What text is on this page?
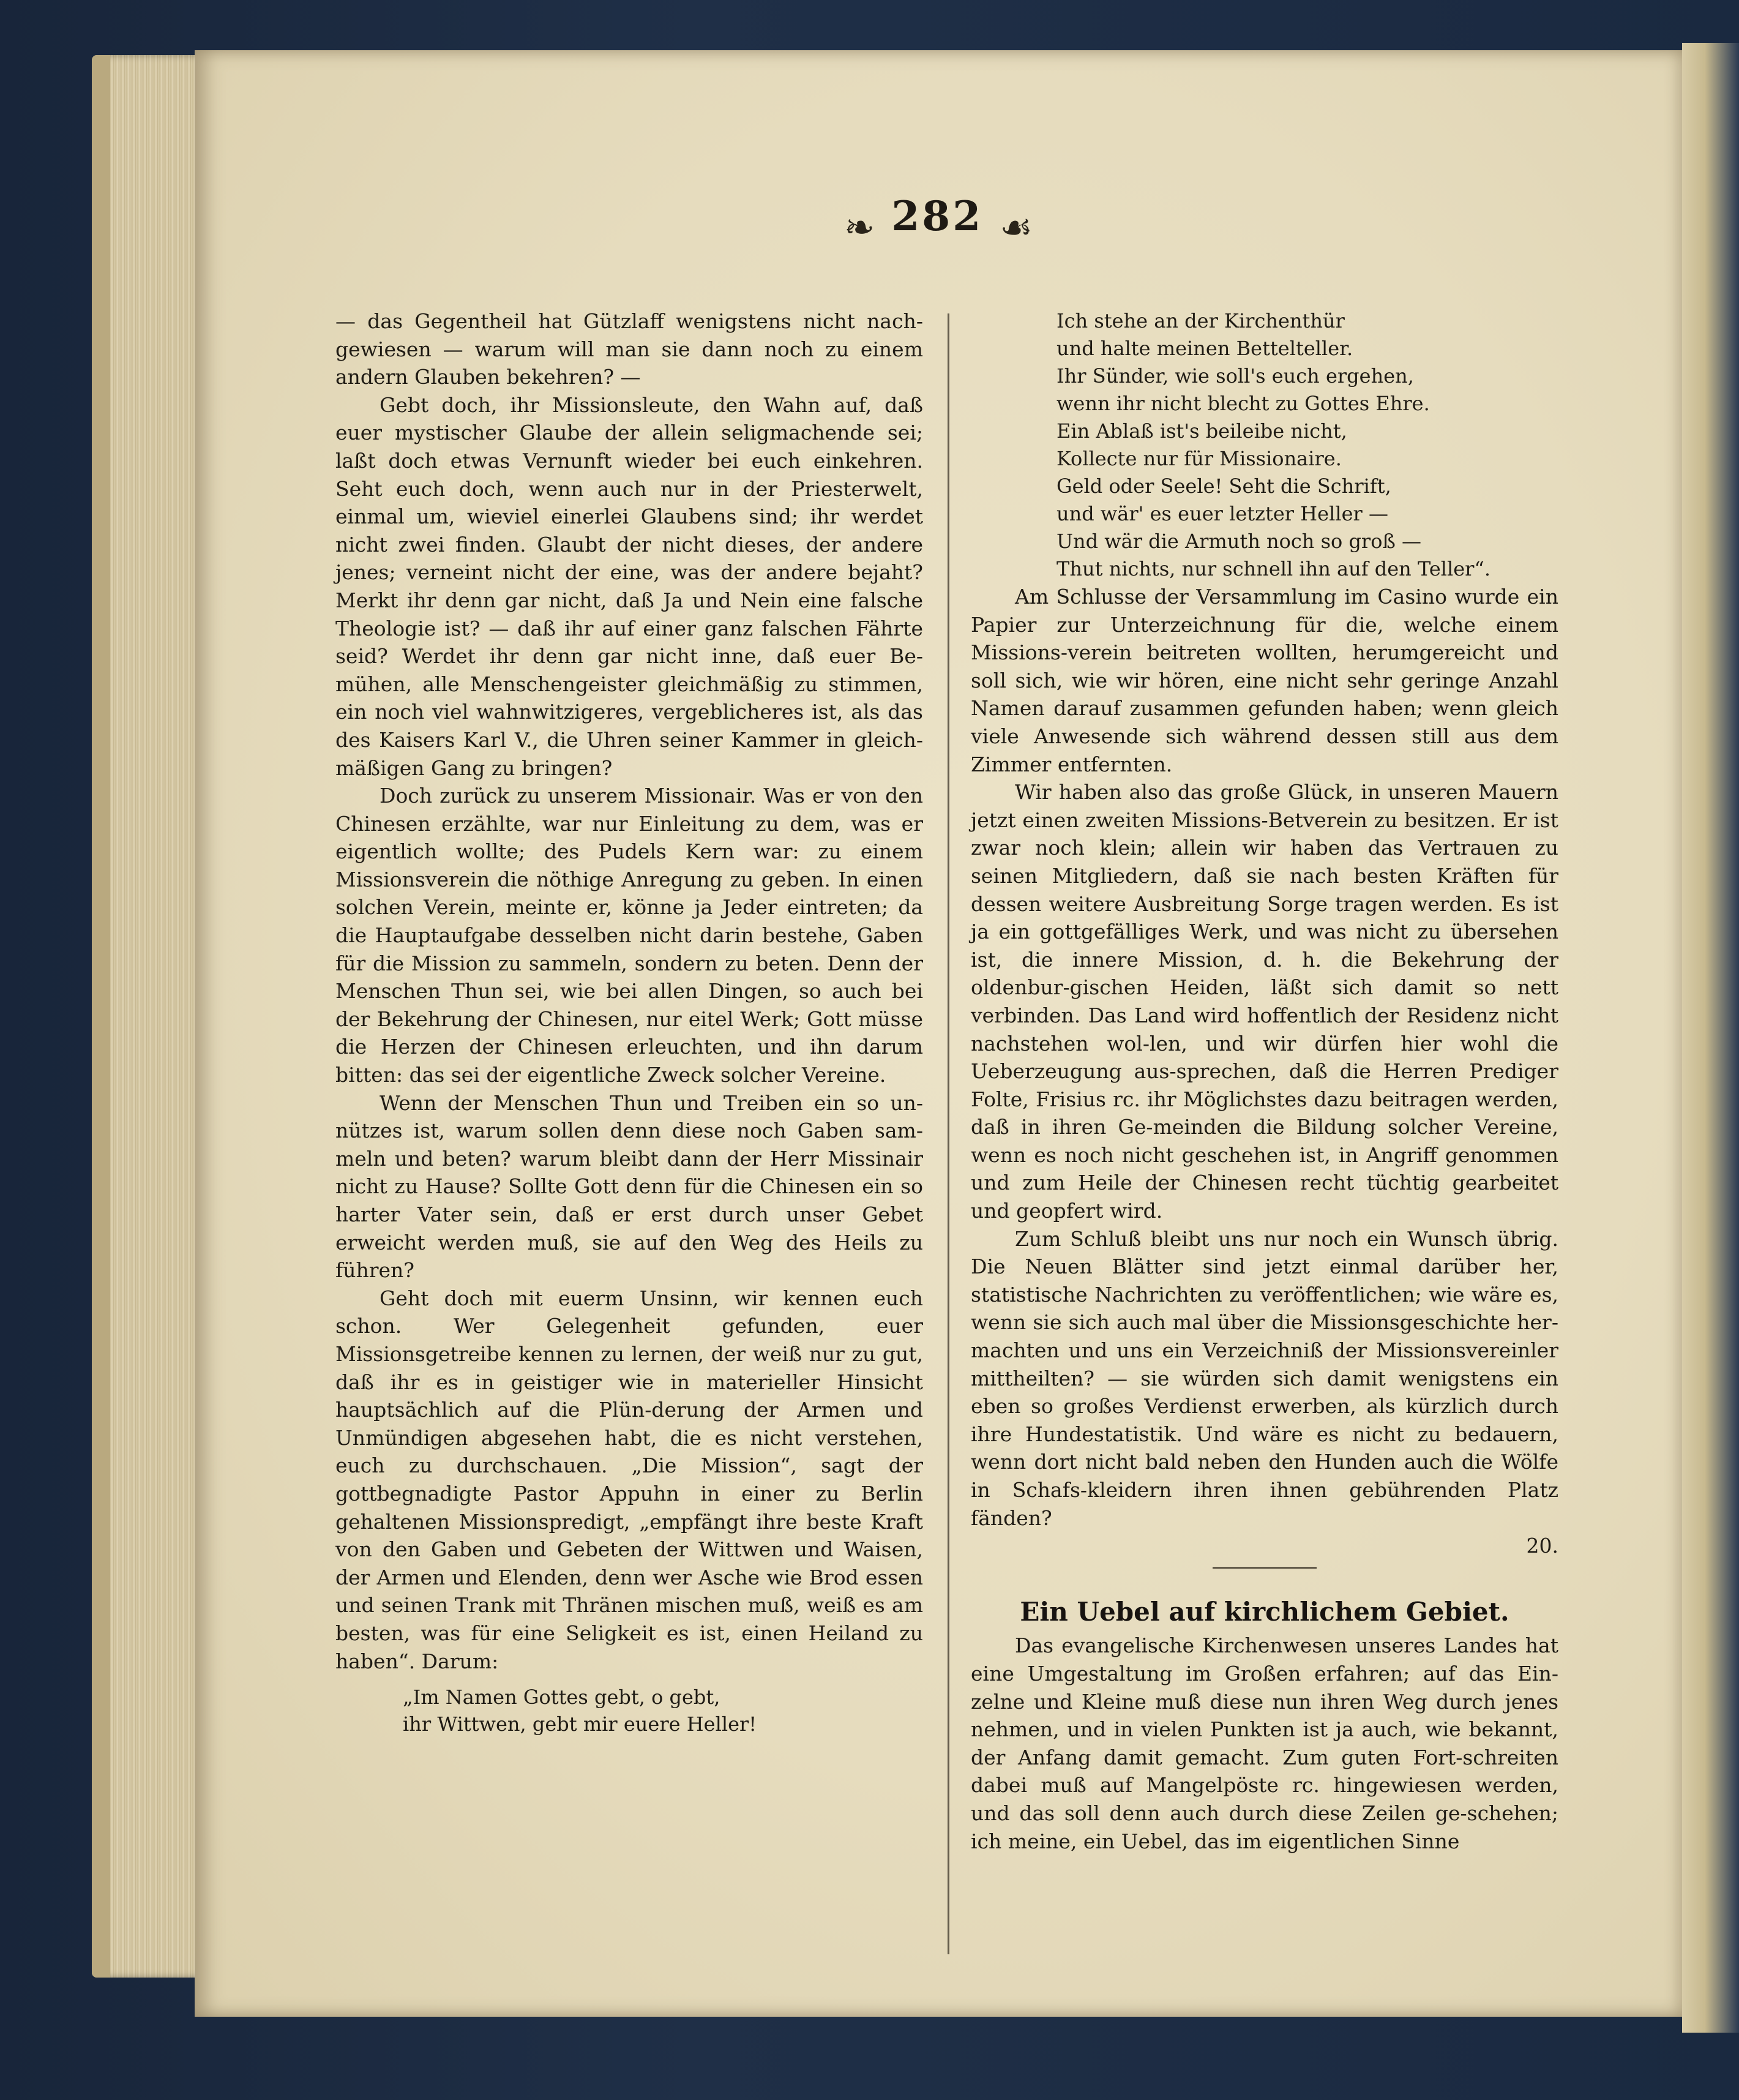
❧ 282 ☙

— das Gegentheil hat Gützlaff wenigstens nicht nach-gewiesen — warum will man sie dann noch zu einem andern Glauben bekehren? —

Gebt doch, ihr Missionsleute, den Wahn auf, daß euer mystischer Glaube der allein seligmachende sei; laßt doch etwas Vernunft wieder bei euch einkehren. Seht euch doch, wenn auch nur in der Priesterwelt, einmal um, wieviel einerlei Glaubens sind; ihr werdet nicht zwei finden. Glaubt der nicht dieses, der andere jenes; verneint nicht der eine, was der andere bejaht? Merkt ihr denn gar nicht, daß Ja und Nein eine falsche Theologie ist? — daß ihr auf einer ganz falschen Fährte seid? Werdet ihr denn gar nicht inne, daß euer Be-mühen, alle Menschengeister gleichmäßig zu stimmen, ein noch viel wahnwitzigeres, vergeblicheres ist, als das des Kaisers Karl V., die Uhren seiner Kammer in gleich-mäßigen Gang zu bringen?

Doch zurück zu unserem Missionair. Was er von den Chinesen erzählte, war nur Einleitung zu dem, was er eigentlich wollte; des Pudels Kern war: zu einem Missionsverein die nöthige Anregung zu geben. In einen solchen Verein, meinte er, könne ja Jeder eintreten; da die Hauptaufgabe desselben nicht darin bestehe, Gaben für die Mission zu sammeln, sondern zu beten. Denn der Menschen Thun sei, wie bei allen Dingen, so auch bei der Bekehrung der Chinesen, nur eitel Werk; Gott müsse die Herzen der Chinesen erleuchten, und ihn darum bitten: das sei der eigentliche Zweck solcher Vereine.

Wenn der Menschen Thun und Treiben ein so un-nützes ist, warum sollen denn diese noch Gaben sam-meln und beten? warum bleibt dann der Herr Missinair nicht zu Hause? Sollte Gott denn für die Chinesen ein so harter Vater sein, daß er erst durch unser Gebet erweicht werden muß, sie auf den Weg des Heils zu führen?

Geht doch mit euerm Unsinn, wir kennen euch schon. Wer Gelegenheit gefunden, euer Missionsgetreibe kennen zu lernen, der weiß nur zu gut, daß ihr es in geistiger wie in materieller Hinsicht hauptsächlich auf die Plün-derung der Armen und Unmündigen abgesehen habt, die es nicht verstehen, euch zu durchschauen. „Die Mission“, sagt der gottbegnadigte Pastor Appuhn in einer zu Berlin gehaltenen Missionspredigt, „empfängt ihre beste Kraft von den Gaben und Gebeten der Wittwen und Waisen, der Armen und Elenden, denn wer Asche wie Brod essen und seinen Trank mit Thränen mischen muß, weiß es am besten, was für eine Seligkeit es ist, einen Heiland zu haben“. Darum:

„Im Namen Gottes gebt, o gebt,
ihr Wittwen, gebt mir euere Heller!
Ich stehe an der Kirchenthür
und halte meinen Bettelteller.
Ihr Sünder, wie soll's euch ergehen,
wenn ihr nicht blecht zu Gottes Ehre.
Ein Ablaß ist's beileibe nicht,
Kollecte nur für Missionaire.
Geld oder Seele! Seht die Schrift,
und wär' es euer letzter Heller —
Und wär die Armuth noch so groß —
Thut nichts, nur schnell ihn auf den Teller“.

Am Schlusse der Versammlung im Casino wurde ein Papier zur Unterzeichnung für die, welche einem Missions-verein beitreten wollten, herumgereicht und soll sich, wie wir hören, eine nicht sehr geringe Anzahl Namen darauf zusammen gefunden haben; wenn gleich viele Anwesende sich während dessen still aus dem Zimmer entfernten.

Wir haben also das große Glück, in unseren Mauern jetzt einen zweiten Missions-Betverein zu besitzen. Er ist zwar noch klein; allein wir haben das Vertrauen zu seinen Mitgliedern, daß sie nach besten Kräften für dessen weitere Ausbreitung Sorge tragen werden. Es ist ja ein gottgefälliges Werk, und was nicht zu übersehen ist, die innere Mission, d. h. die Bekehrung der oldenbur-gischen Heiden, läßt sich damit so nett verbinden. Das Land wird hoffentlich der Residenz nicht nachstehen wol-len, und wir dürfen hier wohl die Ueberzeugung aus-sprechen, daß die Herren Prediger Folte, Frisius rc. ihr Möglichstes dazu beitragen werden, daß in ihren Ge-meinden die Bildung solcher Vereine, wenn es noch nicht geschehen ist, in Angriff genommen und zum Heile der Chinesen recht tüchtig gearbeitet und geopfert wird.

Zum Schluß bleibt uns nur noch ein Wunsch übrig. Die Neuen Blätter sind jetzt einmal darüber her, statistische Nachrichten zu veröffentlichen; wie wäre es, wenn sie sich auch mal über die Missionsgeschichte her-machten und uns ein Verzeichniß der Missionsvereinler mittheilten? — sie würden sich damit wenigstens ein eben so großes Verdienst erwerben, als kürzlich durch ihre Hundestatistik. Und wäre es nicht zu bedauern, wenn dort nicht bald neben den Hunden auch die Wölfe in Schafs-kleidern ihren ihnen gebührenden Platz fänden?

20.
Ein Uebel auf kirchlichem Gebiet.

Das evangelische Kirchenwesen unseres Landes hat eine Umgestaltung im Großen erfahren; auf das Ein-zelne und Kleine muß diese nun ihren Weg durch jenes nehmen, und in vielen Punkten ist ja auch, wie bekannt, der Anfang damit gemacht. Zum guten Fort-schreiten dabei muß auf Mangelpöste rc. hingewiesen werden, und das soll denn auch durch diese Zeilen ge-schehen; ich meine, ein Uebel, das im eigentlichen Sinne
